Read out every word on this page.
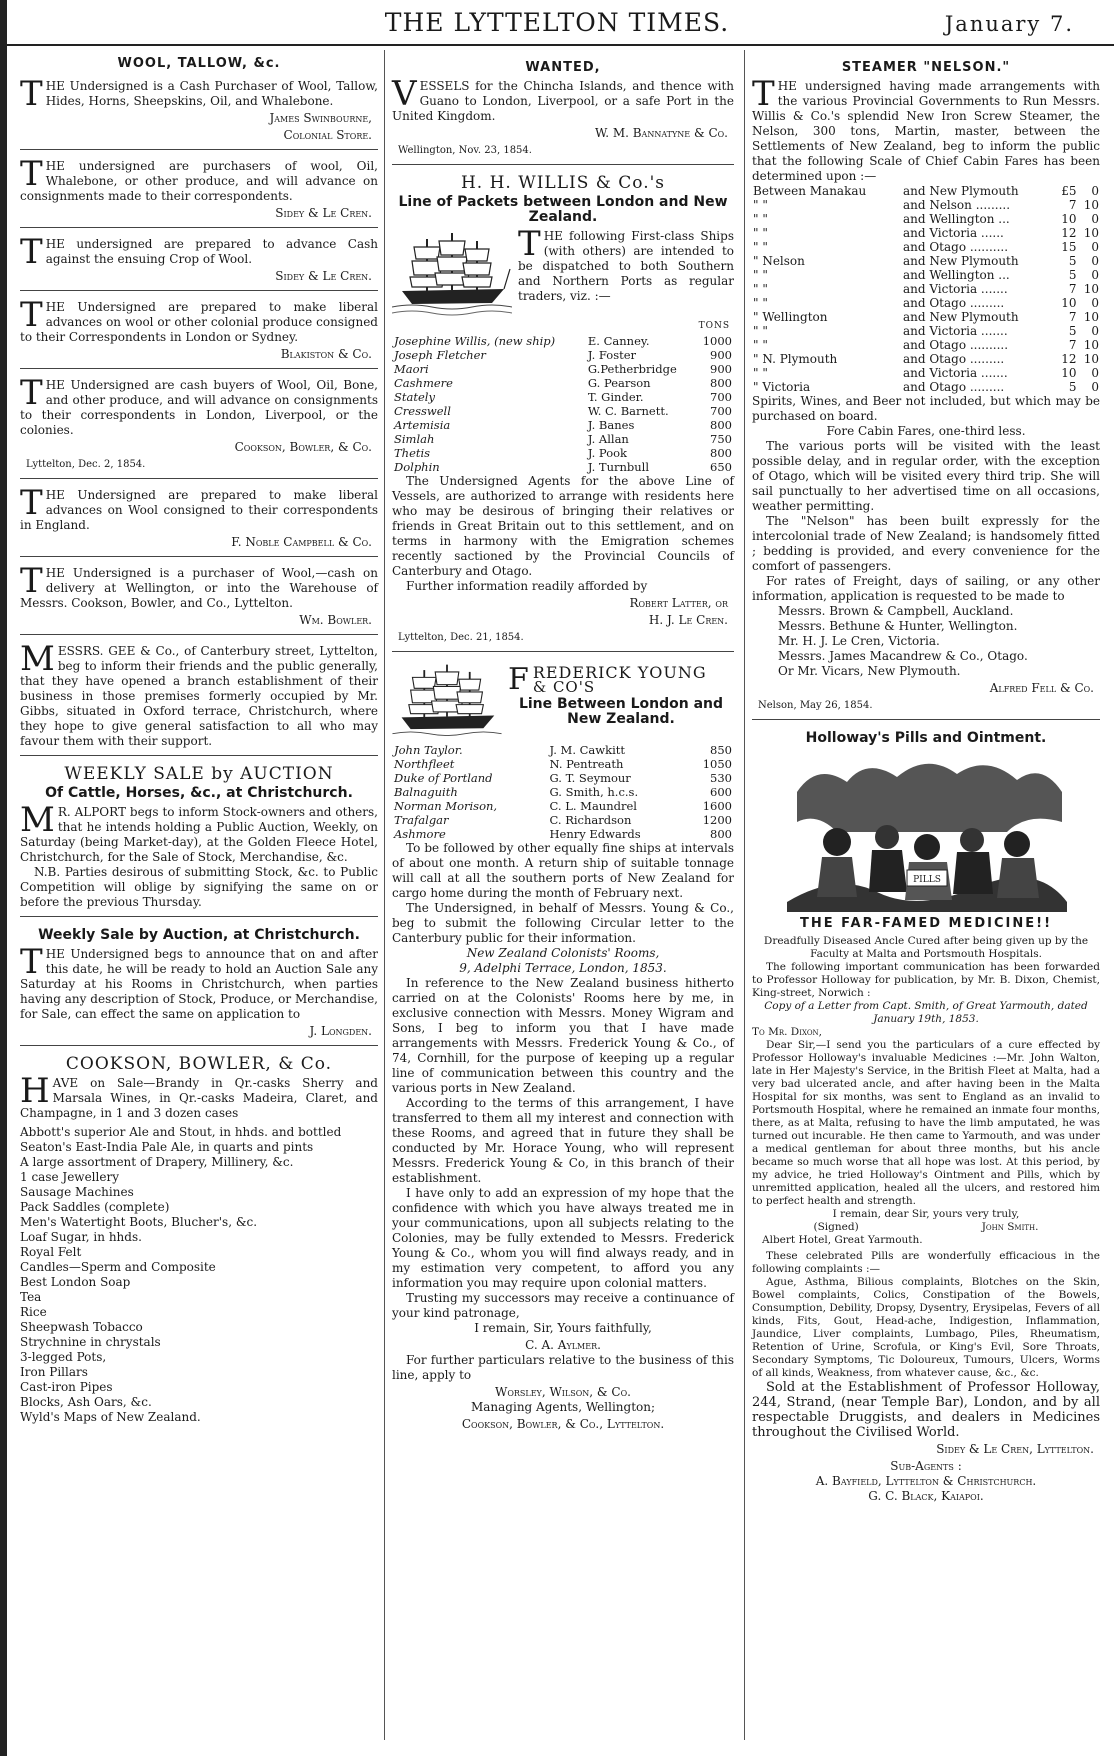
THE LYTTELTON TIMES.	January 7.
WOOL, TALLOW, &c.
T HE Undersigned is a Cash Purchaser of Wool, Tallow, Hides, Horns, Sheepskins, Oil, and Whalebone.

James Swinbourne,
Colonial Store.
T HE undersigned are purchasers of wool, Oil, Whalebone, or other produce, and will advance on consignments made to their correspondents.

Sidey & Le Cren.
T HE undersigned are prepared to advance Cash against the ensuing Crop of Wool.

Sidey & Le Cren.
T HE Undersigned are prepared to make liberal advances on wool or other colonial produce consigned to their Correspondents in London or Sydney.

Blakiston & Co.
T HE Undersigned are cash buyers of Wool, Oil, Bone, and other produce, and will advance on consignments to their correspondents in London, Liverpool, or the colonies.

Cookson, Bowler, & Co.
Lyttelton, Dec. 2, 1854.
T HE Undersigned are prepared to make liberal advances on Wool consigned to their correspondents in England.

F. Noble Campbell & Co.
T HE Undersigned is a purchaser of Wool,—cash on delivery at Wellington, or into the Warehouse of Messrs. Cookson, Bowler, and Co., Lyttelton.

Wm. Bowler.
M ESSRS. GEE & Co., of Canterbury street, Lyttelton, beg to inform their friends and the public generally, that they have opened a branch establishment of their business in those premises formerly occupied by Mr. Gibbs, situated in Oxford terrace, Christchurch, where they hope to give general satisfaction to all who may favour them with their support.

WEEKLY SALE by AUCTION
Of Cattle, Horses, &c., at Christchurch.
M R. ALPORT begs to inform Stock-owners and others, that he intends holding a Public Auction, Weekly, on Saturday (being Market-day), at the Golden Fleece Hotel, Christchurch, for the Sale of Stock, Merchandise, &c.

N.B. Parties desirous of submitting Stock, &c. to Public Competition will oblige by signifying the same on or before the previous Thursday.

Weekly Sale by Auction, at Christchurch.
T HE Undersigned begs to announce that on and after this date, he will be ready to hold an Auction Sale any Saturday at his Rooms in Christchurch, when parties having any description of Stock, Produce, or Merchandise, for Sale, can effect the same on application to

J. Longden.
COOKSON, BOWLER, & Co.
H AVE on Sale—Brandy in Qr.-casks Sherry and Marsala Wines, in Qr.-casks Madeira, Claret, and Champagne, in 1 and 3 dozen cases

Abbott's superior Ale and Stout, in hhds. and bottled
Seaton's East-India Pale Ale, in quarts and pints
A large assortment of Drapery, Millinery, &c.
1 case Jewellery
Sausage Machines
Pack Saddles (complete)
Men's Watertight Boots, Blucher's, &c.
Loaf Sugar, in hhds.
Royal Felt
Candles—Sperm and Composite
Best London Soap
Tea
Rice
Sheepwash Tobacco
Strychnine in chrystals
3-legged Pots,
Iron Pillars
Cast-iron Pipes
Blocks, Ash Oars, &c.
Wyld's Maps of New Zealand.
WANTED,
V ESSELS for the Chincha Islands, and thence with Guano to London, Liverpool, or a safe Port in the United Kingdom.

W. M. Bannatyne & Co.
Wellington, Nov. 23, 1854.
H. H. WILLIS & Co.'s
Line of Packets between London and New Zealand.
T HE following First-class Ships (with others) are intended to be dispatched to both Southern and Northern Ports as regular traders, viz. :—

TONS
Josephine Willis, (new ship)	E. Canney.	1000
Joseph Fletcher	J. Foster	900
Maori	G.Petherbridge	900
Cashmere	G. Pearson	800
Stately	T. Ginder.	700
Cresswell	W. C. Barnett.	700
Artemisia	J. Banes	800
Simlah	J. Allan	750
Thetis	J. Pook	800
Dolphin	J. Turnbull	650

The Undersigned Agents for the above Line of Vessels, are authorized to arrange with residents here who may be desirous of bringing their relatives or friends in Great Britain out to this settlement, and on terms in harmony with the Emigration schemes recently sactioned by the Provincial Councils of Canterbury and Otago.

Further information readily afforded by

Robert Latter, or
H. J. Le Cren.
Lyttelton, Dec. 21, 1854.
FREDERICK YOUNG
& CO'S
Line Between London and New Zealand.
John Taylor.	J. M. Cawkitt	850
Northfleet	N. Pentreath	1050
Duke of Portland	G. T. Seymour	530
Balnaguith	G. Smith, h.c.s.	600
Norman Morison,	C. L. Maundrel	1600
Trafalgar	C. Richardson	1200
Ashmore	Henry Edwards	800

To be followed by other equally fine ships at intervals of about one month. A return ship of suitable tonnage will call at all the southern ports of New Zealand for cargo home during the month of February next.

The Undersigned, in behalf of Messrs. Young & Co., beg to submit the following Circular letter to the Canterbury public for their information.

New Zealand Colonists' Rooms,
9, Adelphi Terrace, London, 1853.

In reference to the New Zealand business hitherto carried on at the Colonists' Rooms here by me, in exclusive connection with Messrs. Money Wigram and Sons, I beg to inform you that I have made arrangements with Messrs. Frederick Young & Co., of 74, Cornhill, for the purpose of keeping up a regular line of communication between this country and the various ports in New Zealand.

According to the terms of this arrangement, I have transferred to them all my interest and connection with these Rooms, and agreed that in future they shall be conducted by Mr. Horace Young, who will represent Messrs. Frederick Young & Co, in this branch of their establishment.

I have only to add an expression of my hope that the confidence with which you have always treated me in your communications, upon all subjects relating to the Colonies, may be fully extended to Messrs. Frederick Young & Co., whom you will find always ready, and in my estimation very competent, to afford you any information you may require upon colonial matters.

Trusting my successors may receive a continuance of your kind patronage,

I remain, Sir, Yours faithfully,
C. A. Aylmer.

For further particulars relative to the business of this line, apply to

Worsley, Wilson, & Co.
Managing Agents, Wellington;
Cookson, Bowler, & Co., Lyttelton.
STEAMER "NELSON."
T HE undersigned having made arrangements with the various Provincial Governments to Run Messrs. Willis & Co.'s splendid New Iron Screw Steamer, the Nelson, 300 tons, Martin, master, between the Settlements of New Zealand, beg to inform the public that the following Scale of Chief Cabin Fares has been determined upon :—

Between Manakau	and New Plymouth	£5	0
" "	and Nelson .........	7	10
" "	and Wellington ...	10	0
" "	and Victoria ......	12	10
" "	and Otago ..........	15	0
" Nelson	and New Plymouth	5	0
" "	and Wellington ...	5	0
" "	and Victoria .......	7	10
" "	and Otago .........	10	0
" Wellington	and New Plymouth	7	10
" "	and Victoria .......	5	0
" "	and Otago ..........	7	10
" N. Plymouth	and Otago .........	12	10
" "	and Victoria .......	10	0
" Victoria	and Otago .........	5	0

Spirits, Wines, and Beer not included, but which may be purchased on board.

Fore Cabin Fares, one-third less.

The various ports will be visited with the least possible delay, and in regular order, with the exception of Otago, which will be visited every third trip. She will sail punctually to her advertised time on all occasions, weather permitting.

The "Nelson" has been built expressly for the intercolonial trade of New Zealand; is handsomely fitted ; bedding is provided, and every convenience for the comfort of passengers.

For rates of Freight, days of sailing, or any other information, application is requested to be made to

Messrs. Brown & Campbell, Auckland.
Messrs. Bethune & Hunter, Wellington.
Mr. H. J. Le Cren, Victoria.
Messrs. James Macandrew & Co., Otago.
Or Mr. Vicars, New Plymouth.
Alfred Fell & Co.
Nelson, May 26, 1854.
Holloway's Pills and Ointment.
PILLS
THE FAR-FAMED MEDICINE!!
Dreadfully Diseased Ancle Cured after being given up by the Faculty at Malta and Portsmouth Hospitals.

The following important communication has been forwarded to Professor Holloway for publication, by Mr. B. Dixon, Chemist, King-street, Norwich :

Copy of a Letter from Capt. Smith, of Great Yarmouth, dated January 19th, 1853.
To Mr. Dixon,

Dear Sir,—I send you the particulars of a cure effected by Professor Holloway's invaluable Medicines :—Mr. John Walton, late in Her Majesty's Service, in the British Fleet at Malta, had a very bad ulcerated ancle, and after having been in the Malta Hospital for six months, was sent to England as an invalid to Portsmouth Hospital, where he remained an inmate four months, there, as at Malta, refusing to have the limb amputated, he was turned out incurable. He then came to Yarmouth, and was under a medical gentleman for about three months, but his ancle became so much worse that all hope was lost. At this period, by my advice, he tried Holloway's Ointment and Pills, which by unremitted application, healed all the ulcers, and restored him to perfect health and strength.

I remain, dear Sir, yours very truly,
(Signed)	John Smith.
Albert Hotel, Great Yarmouth.

These celebrated Pills are wonderfully efficacious in the following complaints :—

Ague, Asthma, Bilious complaints, Blotches on the Skin, Bowel complaints, Colics, Constipation of the Bowels, Consumption, Debility, Dropsy, Dysentry, Erysipelas, Fevers of all kinds, Fits, Gout, Head-ache, Indigestion, Inflammation, Jaundice, Liver complaints, Lumbago, Piles, Rheumatism, Retention of Urine, Scrofula, or King's Evil, Sore Throats, Secondary Symptoms, Tic Doloureux, Tumours, Ulcers, Worms of all kinds, Weakness, from whatever cause, &c., &c.

Sold at the Establishment of Professor Holloway, 244, Strand, (near Temple Bar), London, and by all respectable Druggists, and dealers in Medicines throughout the Civilised World.

Sidey & Le Cren, Lyttelton.
Sub-Agents :
A. Bayfield, Lyttelton & Christchurch.
G. C. Black, Kaiapoi.
